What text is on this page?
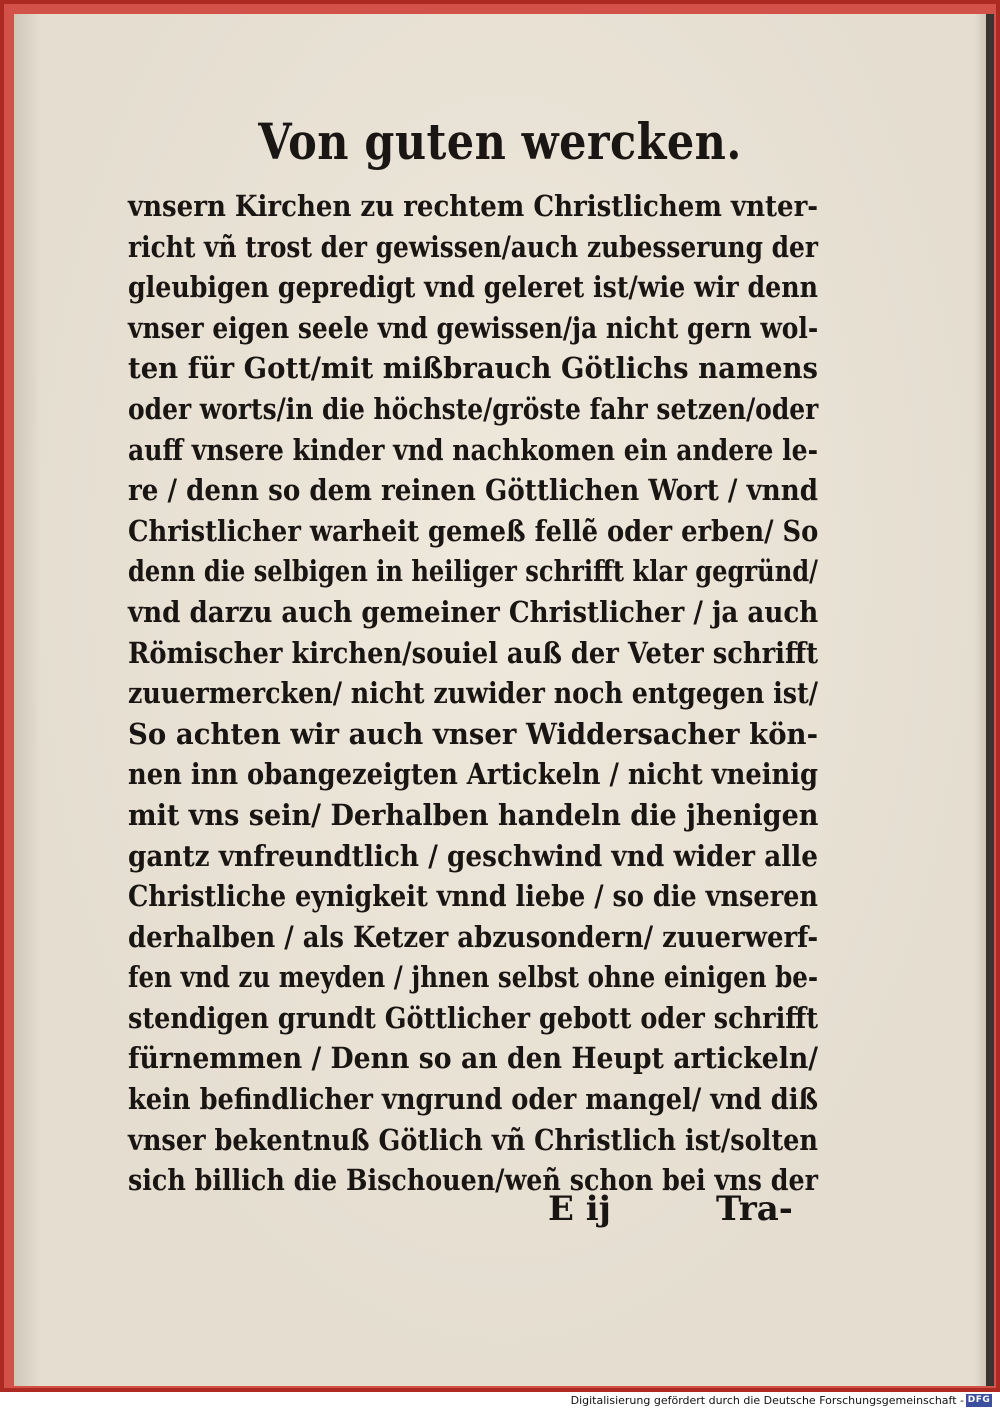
Von guten wercken.
vnsern Kirchen zu rechtem Christlichem vnter-
richt vñ trost der gewissen/auch zubesserung der
gleubigen gepredigt vnd geleret ist/wie wir denn
vnser eigen seele vnd gewissen/ja nicht gern wol-
ten für Gott/mit mißbrauch Götlichs namens
oder worts/in die höchste/gröste fahr setzen/oder
auff vnsere kinder vnd nachkomen ein andere le-
re / denn so dem reinen Göttlichen Wort / vnnd
Christlicher warheit gemeß fellẽ oder erben/ So
denn die selbigen in heiliger schrifft klar gegründ/
vnd darzu auch gemeiner Christlicher / ja auch
Römischer kirchen/souiel auß der Veter schrifft
zuuermercken/ nicht zuwider noch entgegen ist/
So achten wir auch vnser Widdersacher kön-
nen inn obangezeigten Artickeln / nicht vneinig
mit vns sein/ Derhalben handeln die jhenigen
gantz vnfreundtlich / geschwind vnd wider alle
Christliche eynigkeit vnnd liebe / so die vnseren
derhalben / als Ketzer abzusondern/ zuuerwerf-
fen vnd zu meyden / jhnen selbst ohne einigen be-
stendigen grundt Göttlicher gebott oder schrifft
fürnemmen / Denn so an den Heupt artickeln/
kein befindlicher vngrund oder mangel/ vnd diß
vnser bekentnuß Götlich vñ Christlich ist/solten
sich billich die Bischouen/weñ schon bei vns der
E ij	Tra-
Digitalisierung gefördert durch die Deutsche Forschungsgemeinschaft - DFG
